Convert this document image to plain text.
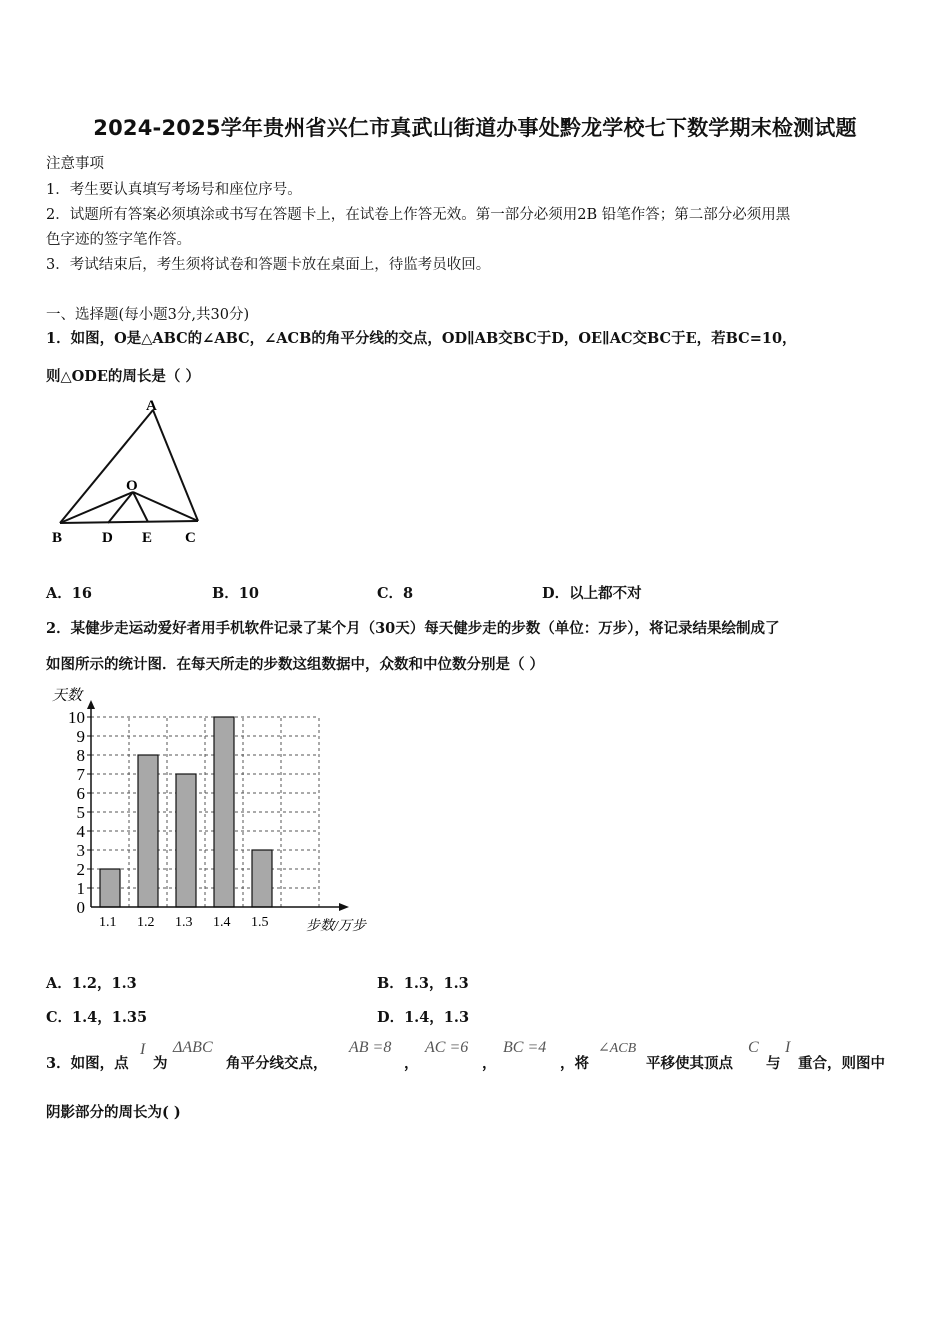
2024-2025学年贵州省兴仁市真武山街道办事处黔龙学校七下数学期末检测试题
注意事项
1．考生要认真填写考场号和座位序号。
2．试题所有答案必须填涂或书写在答题卡上，在试卷上作答无效。第一部分必须用2B 铅笔作答；第二部分必须用黑
色字迹的签字笔作答。
3．考试结束后，考生须将试卷和答题卡放在桌面上，待监考员收回。
一、选择题(每小题3分,共30分)
1．如图，O是△ABC的∠ABC，∠ACB的角平分线的交点，OD∥AB交BC于D，OE∥AC交BC于E，若BC=10，
则△ODE的周长是（ ）
A
O
B	D E C
A．16	B．10	C．8	D．以上都不对
2．某健步走运动爱好者用手机软件记录了某个月（30天）每天健步走的步数（单位：万步），将记录结果绘制成了
如图所示的统计图．在每天所走的步数这组数据中，众数和中位数分别是（ ）
0
1
2
3
4
5
6
7
8
9
10
1.1 1.2 1.3 1.4 1.5
天数
步数/万步
A．1.2，1.3	B．1.3，1.3
C．1.4，1.35	D．1.4，1.3
3．如图，点
I
为
ΔABC
角平分线交点，
AB =8
，
AC =6
，
BC =4
，将
∠ACB
平移使其顶点
C
与
I
重合，则图中
阴影部分的周长为( )
